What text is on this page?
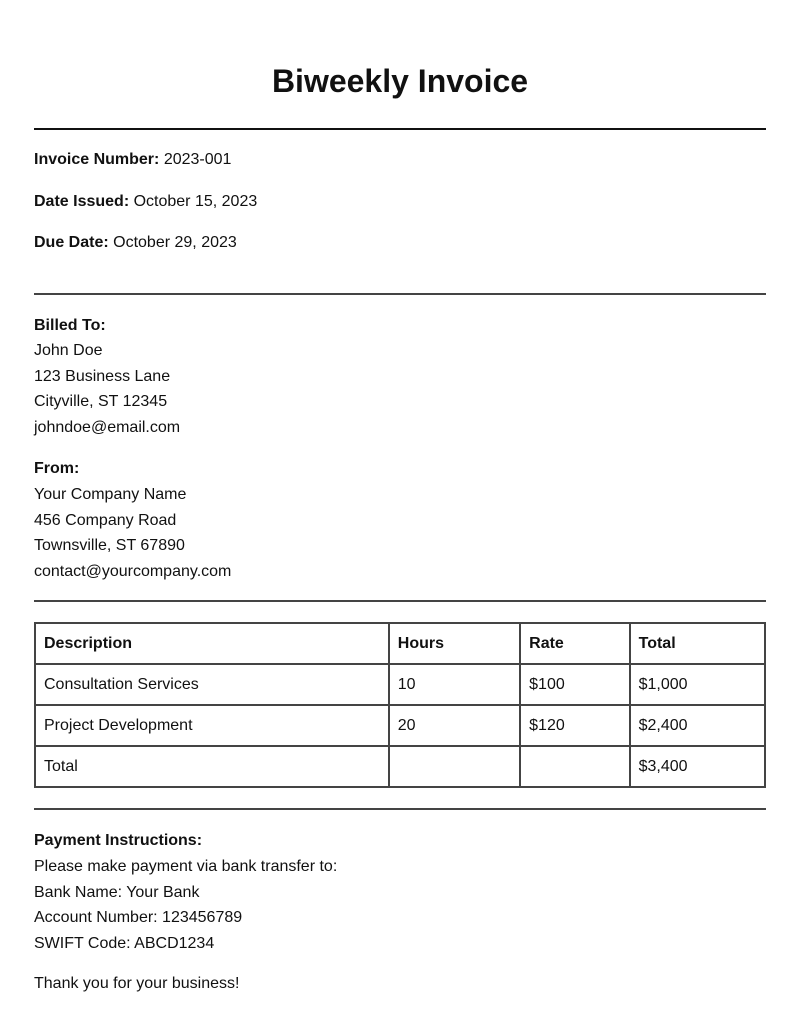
Biweekly Invoice
Invoice Number: 2023-001
Date Issued: October 15, 2023
Due Date: October 29, 2023
Billed To:
John Doe
123 Business Lane
Cityville, ST 12345
johndoe@email.com
From:
Your Company Name
456 Company Road
Townsville, ST 67890
contact@yourcompany.com
Description	Hours	Rate	Total
Consultation Services	10	$100	$1,000
Project Development	20	$120	$2,400
Total			$3,400
Payment Instructions:
Please make payment via bank transfer to:
Bank Name: Your Bank
Account Number: 123456789
SWIFT Code: ABCD1234
Thank you for your business!
